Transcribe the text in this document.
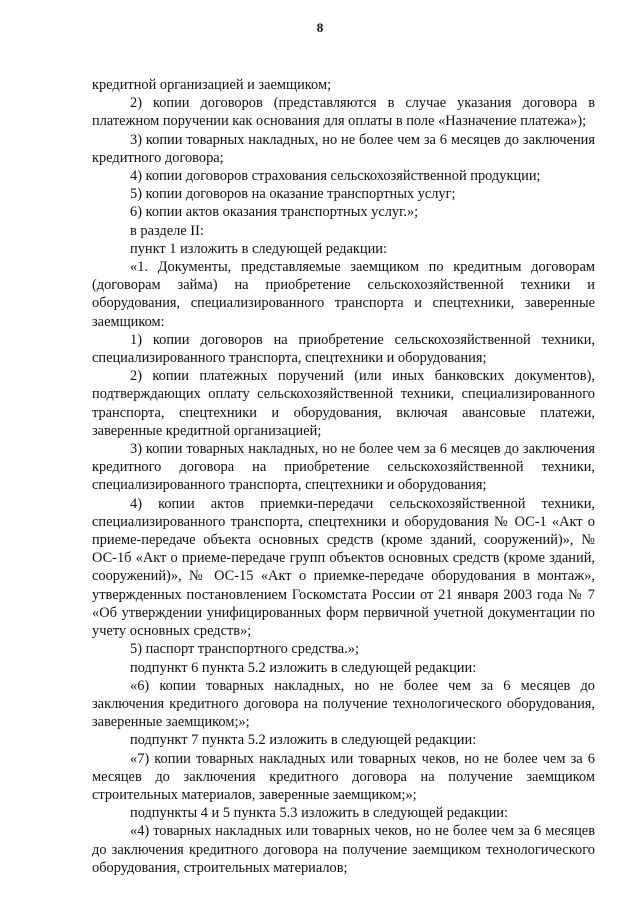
8

кредитной организацией и заемщиком;

2) копии договоров (представляются в случае указания договора в платежном поручении как основания для оплаты в поле «Назначение платежа»);

3) копии товарных накладных, но не более чем за 6 месяцев до заключения кредитного договора;

4) копии договоров страхования сельскохозяйственной продукции;

5) копии договоров на оказание транспортных услуг;

6) копии актов оказания транспортных услуг.»;

в разделе II:

пункт 1 изложить в следующей редакции:

«1. Документы, представляемые заемщиком по кредитным договорам (договорам займа) на приобретение сельскохозяйственной техники и оборудования, специализированного транспорта и спецтехники, заверенные заемщиком:

1) копии договоров на приобретение сельскохозяйственной техники, специализированного транспорта, спецтехники и оборудования;

2) копии платежных поручений (или иных банковских документов), подтверждающих оплату сельскохозяйственной техники, специализированного транспорта, спецтехники и оборудования, включая авансовые платежи, заверенные кредитной организацией;

3) копии товарных накладных, но не более чем за 6 месяцев до заключения кредитного договора на приобретение сельскохозяйственной техники, специализированного транспорта, спецтехники и оборудования;

4) копии актов приемки-передачи сельскохозяйственной техники, специализированного транспорта, спецтехники и оборудования № ОС-1 «Акт о приеме-передаче объекта основных средств (кроме зданий, сооружений)», № ОС-1б «Акт о приеме-передаче групп объектов основных средств (кроме зданий, сооружений)», № ОС-15 «Акт о приемке-передаче оборудования в монтаж», утвержденных постановлением Госкомстата России от 21 января 2003 года № 7 «Об утверждении унифицированных форм первичной учетной документации по учету основных средств»;

5) паспорт транспортного средства.»;

подпункт 6 пункта 5.2 изложить в следующей редакции:

«6) копии товарных накладных, но не более чем за 6 месяцев до заключения кредитного договора на получение технологического оборудования, заверенные заемщиком;»;

подпункт 7 пункта 5.2 изложить в следующей редакции:

«7) копии товарных накладных или товарных чеков, но не более чем за 6 месяцев до заключения кредитного договора на получение заемщиком строительных материалов, заверенные заемщиком;»;

подпункты 4 и 5 пункта 5.3 изложить в следующей редакции:

«4) товарных накладных или товарных чеков, но не более чем за 6 месяцев до заключения кредитного договора на получение заемщиком технологического оборудования, строительных материалов;
